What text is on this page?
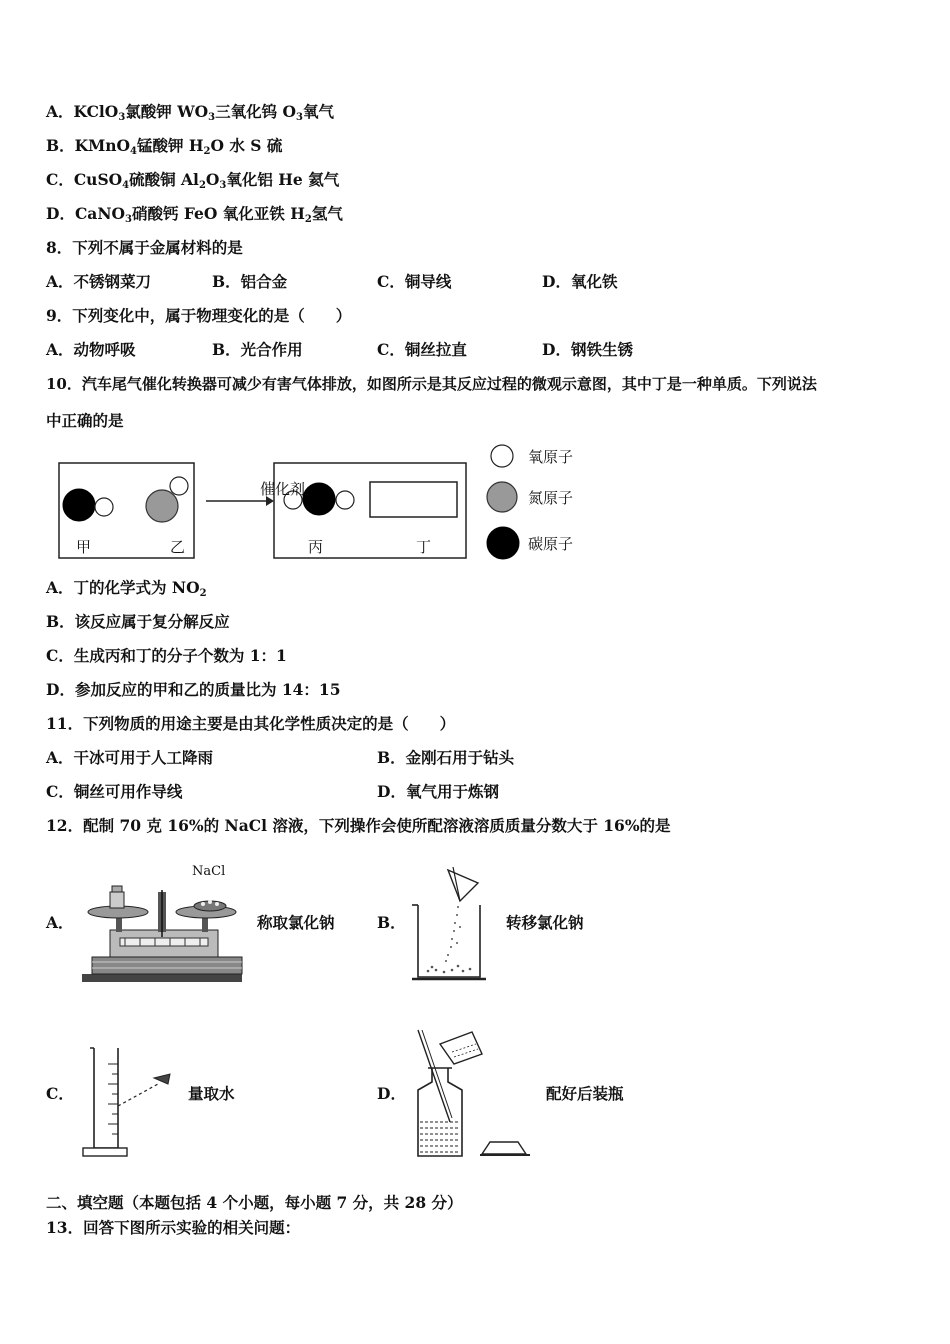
A．KClO$_3$氯酸钾 $WO_3$三氧化钨 $O_3$氧气
B．KMnO$_4$锰酸钾 $H_2O$ 水 S 硫
C．CuSO$_4$硫酸铜 $Al_2O_3$氧化铝 He 氦气
D．CaNO$_3$硝酸钙 FeO 氧化亚铁 $H_2$氢气
8．下列不属于金属材料的是
A．不锈钢菜刀	B．铝合金	C．铜导线	D．氧化铁
9．下列变化中，属于物理变化的是（　　）
A．动物呼吸	B．光合作用	C．铜丝拉直	D．钢铁生锈
10．汽车尾气催化转换器可减少有害气体排放，如图所示是其反应过程的微观示意图，其中丁是一种单质。下列说法
中正确的是
催化剂
甲	乙	丙	丁
氧原子
氮原子
碳原子
A．丁的化学式为 $NO_2$
B．该反应属于复分解反应
C．生成丙和丁的分子个数为 1：1
D．参加反应的甲和乙的质量比为 14：15
11．下列物质的用途主要是由其化学性质决定的是（　　）
A．干冰可用于人工降雨	B．金刚石用于钻头
C．铜丝可用作导线	D．氧气用于炼钢
12．配制 70 克 16%的 NaCl 溶液，下列操作会使所配溶液溶质质量分数大于 16%的是
A．
NaCl
称取氯化钠	B．	转移氯化钠
C．	量取水	D．	配好后装瓶
二、填空题（本题包括 4 个小题，每小题 7 分，共 28 分）
13．回答下图所示实验的相关问题：
